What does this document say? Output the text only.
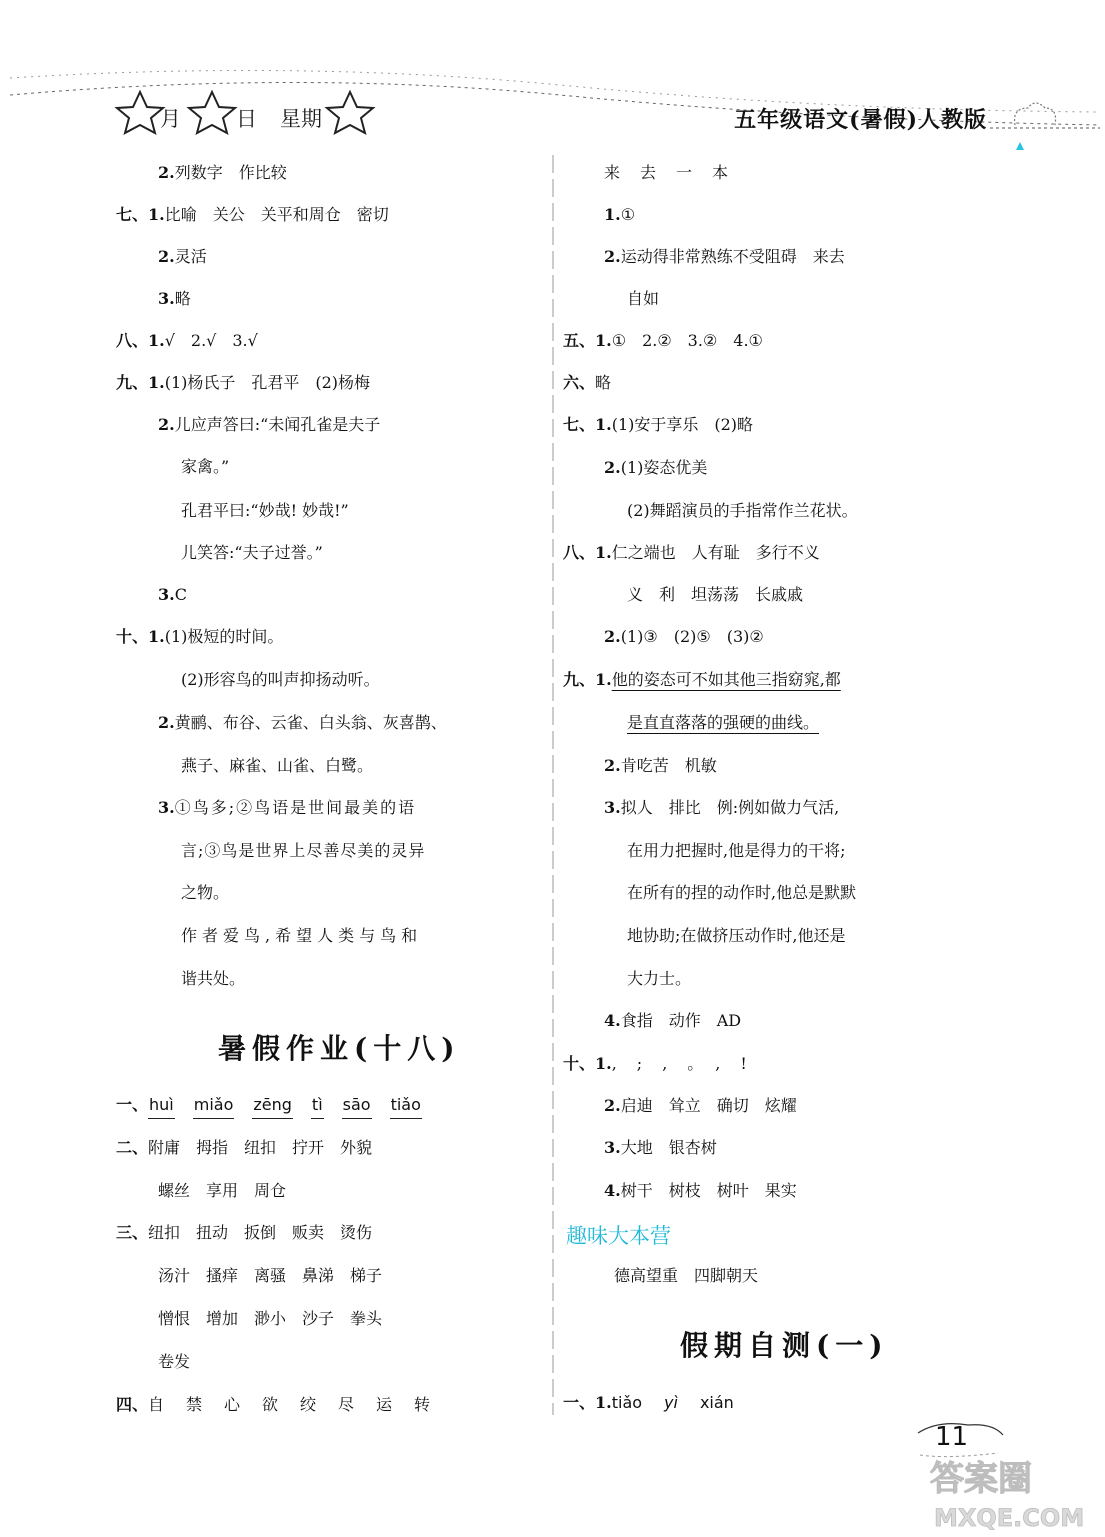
月	日 星期	五年级语文(暑假)人教版
2.列数字　作比较
七、1.比喻　关公　关平和周仓　密切
2.灵活
3.略
八、1.√　2.√　3.√
九、1.(1)杨氏子　孔君平　(2)杨梅
2.儿应声答曰:“未闻孔雀是夫子
家禽。”
孔君平曰:“妙哉! 妙哉!”
儿笑答:“夫子过誉。”
3.C
十、1.(1)极短的时间。
(2)形容鸟的叫声抑扬动听。
2.黄鹂、布谷、云雀、白头翁、灰喜鹊、
燕子、麻雀、山雀、白鹭。
3.①鸟多;②鸟语是世间最美的语
言;③鸟是世界上尽善尽美的灵异
之物。
作者爱鸟,希望人类与鸟和
谐共处。
暑假作业(十八)
一、huì miǎo zēng tì sāo tiǎo
二、附庸　拇指　纽扣　拧开　外貌
螺丝　享用　周仓
三、纽扣　扭动　扳倒　贩卖　烫伤
汤汁　搔痒　离骚　鼻涕　梯子
憎恨　增加　渺小　沙子　拳头
卷发
四、自　禁　心　欲　绞　尽　运　转
来　去　一　本
1.①
2.运动得非常熟练不受阻碍　来去
自如
五、1.①　2.②　3.②　4.①
六、略
七、1.(1)安于享乐　(2)略
2.(1)姿态优美
(2)舞蹈演员的手指常作兰花状。
八、1.仁之端也　人有耻　多行不义
义　利　坦荡荡　长戚戚
2.(1)③　(2)⑤　(3)②
九、1.他的姿态可不如其他三指窈窕,都
是直直落落的强硬的曲线。
2.肯吃苦　机敏
3.拟人　排比　例:例如做力气活,
在用力把握时,他是得力的干将;
在所有的捏的动作时,他总是默默
地协助;在做挤压动作时,他还是
大力士。
4.食指　动作　AD
十、1.,　;　,　。　,　!
2.启迪　耸立　确切　炫耀
3.大地　银杏树
4.树干　树枝　树叶　果实
趣味大本营
德高望重　四脚朝天
假期自测(一)
一、1.tiǎo yì xián
11
答案圈
MXQE.COM
